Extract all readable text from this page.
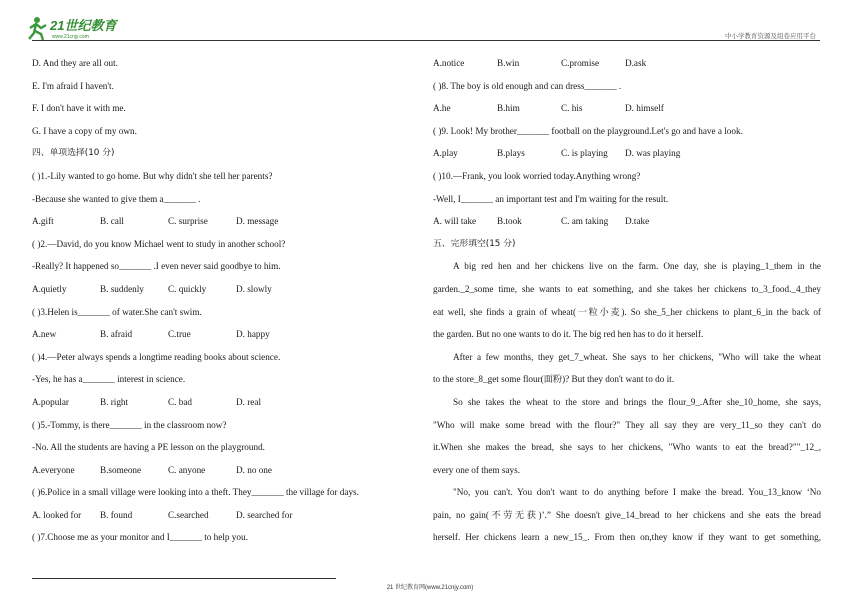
21世纪教育
www.21cnjy.com	中小学教育资源及组卷应用平台
D. And they are all out.
E. I'm afraid I haven't.
F. I don't have it with me.
G. I have a copy of my own.
四、单项选择(10 分)
( )1.-Lily wanted to go home. But why didn't she tell her parents?
-Because she wanted to give them a_______ .
A.gift	B. call	C. surprise	D. message
( )2.—David, do you know Michael went to study in another school?
-Really? It happened so_______ .I even never said goodbye to him.
A.quietly	B. suddenly	C. quickly	D. slowly
( )3.Helen is_______ of water.She can't swim.
A.new	B. afraid	C.true	D. happy
( )4.—Peter always spends a longtime reading books about science.
-Yes, he has a_______ interest in science.
A.popular	B. right	C. bad	D. real
( )5.-Tommy, is there_______ in the classroom now?
-No. All the students are having a PE lesson on the playground.
A.everyone	B.someone	C. anyone	D. no one
( )6.Police in a small village were looking into a theft. They_______ the village for days.
A. looked for	B. found	C.searched	D. searched for
( )7.Choose me as your monitor and I_______ to help you.
A.notice	B.win	C.promise	D.ask
( )8. The boy is old enough and can dress_______ .
A.he	B.him	C. his	D. himself
( )9. Look! My brother_______ football on the playground.Let's go and have a look.
A.play	B.plays	C. is playing	D. was playing
( )10.—Frank, you look worried today.Anything wrong?
-Well, I_______ an important test and I'm waiting for the result.
A. will take	B.took	C. am taking	D.take
五、完形填空(15 分)
A big red hen and her chickens live on the farm. One day, she is playing_1_them in the
garden._2_some time, she wants to eat something, and she takes her chickens to_3_food._4_they
eat well, she finds a grain of wheat(一粒小麦). So she_5_her chickens to plant_6_in the back of
the garden. But no one wants to do it. The big red hen has to do it herself.
After a few months, they get_7_wheat. She says to her chickens, "Who will take the wheat
to the store_8_get some flour(面粉)? But they don't want to do it.
So she takes the wheat to the store and brings the flour_9_.After she_10_home, she says,
"Who will make some bread with the flour?" They all say they are very_11_so they can't do
it.When she makes the bread, she says to her chickens, "Who wants to eat the bread?""_12_,
every one of them says.
"No, you can't. You don't want to do anything before I make the bread. You_13_know ‘No
pain, no gain(不劳无获)’.” She doesn't give_14_bread to her chickens and she eats the bread
herself. Her chickens learn a new_15_. From then on,they know if they want to get something,
21 世纪教育网(www.21cnjy.com)
